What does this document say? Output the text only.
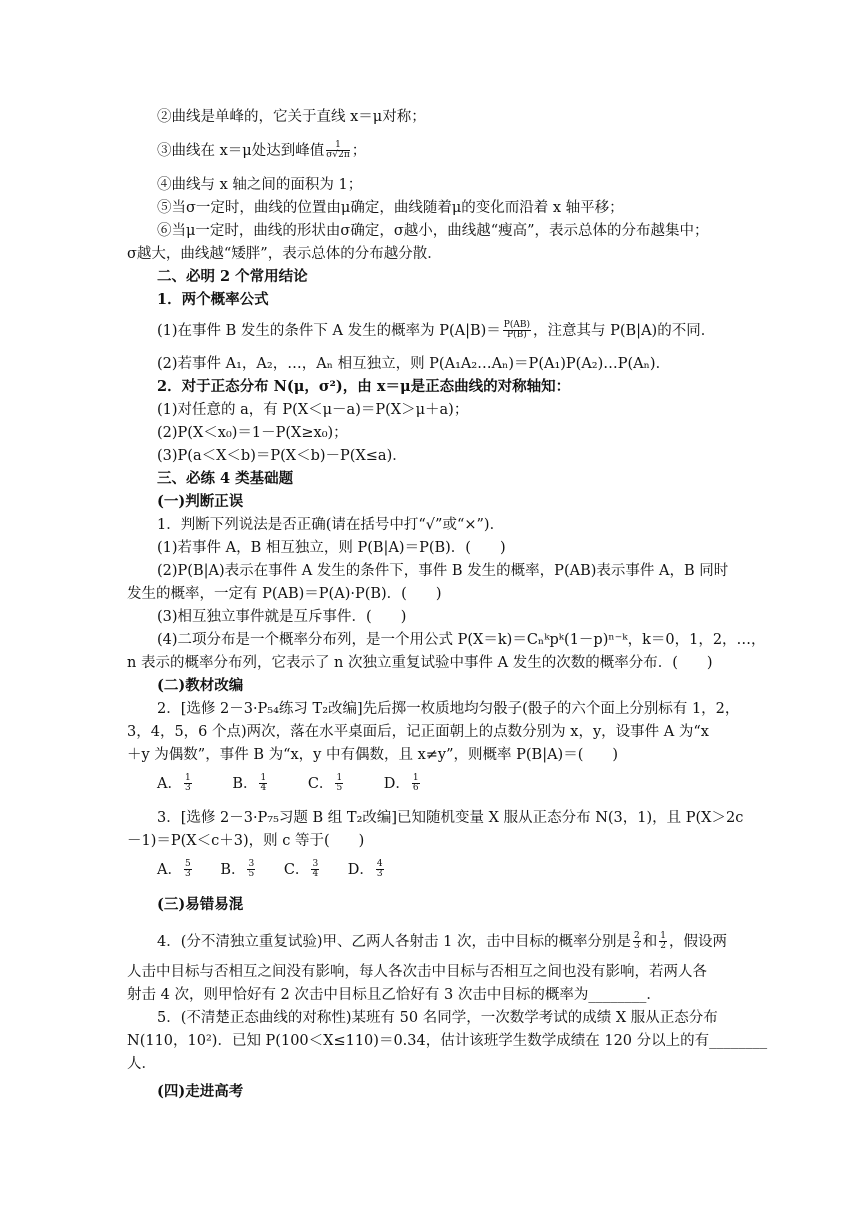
②曲线是单峰的，它关于直线 x＝μ对称；
③曲线在 x＝μ处达到峰值 $\frac{1}{\sigma√2\pi}$ ；
④曲线与 x 轴之间的面积为 1；
⑤当σ一定时，曲线的位置由μ确定，曲线随着μ的变化而沿着 x 轴平移；
⑥当μ一定时，曲线的形状由σ确定，σ越小，曲线越“瘦高”，表示总体的分布越集中；
σ越大，曲线越“矮胖”，表示总体的分布越分散．
二、必明 2 个常用结论
1．两个概率公式
(1)在事件 B 发生的条件下 A 发生的概率为 $P(A|B)= \frac{P(AB)}{P(B)}$ ，注意其与 P(B|A)的不同．
(2)若事件 A₁，A₂，…，Aₙ 相互独立，则 P(A₁A₂…Aₙ)＝P(A₁)P(A₂)…P(Aₙ)．
2．对于正态分布 N(μ，σ²)，由 x＝μ是正态曲线的对称轴知：
(1)对任意的 a，有 P(X＜μ－a)＝P(X＞μ＋a)；
(2)P(X＜x₀)＝1－P(X≥x₀)；
(3)P(a＜X＜b)＝P(X＜b)－P(X≤a)．
三、必练 4 类基础题
(一)判断正误
1．判断下列说法是否正确(请在括号中打“√”或“×”)．
(1)若事件 A，B 相互独立，则 P(B|A)＝P(B)．(　　)
(2)P(B|A)表示在事件 A 发生的条件下，事件 B 发生的概率，P(AB)表示事件 A，B 同时
发生的概率，一定有 P(AB)＝P(A)·P(B)．(　　)
(3)相互独立事件就是互斥事件．(　　)
(4)二项分布是一个概率分布列，是一个用公式 P(X＝k)＝Cₙᵏpᵏ(1－p)ⁿ⁻ᵏ，k＝0，1，2，…，
n 表示的概率分布列，它表示了 n 次独立重复试验中事件 A 发生的次数的概率分布．(　　)
(二)教材改编
2．[选修 2－3·P₅₄练习 T₂改编]先后掷一枚质地均匀骰子(骰子的六个面上分别标有 1，2，
3，4，5，6 个点)两次，落在水平桌面后，记正面朝上的点数分别为 x，y，设事件 A 为“x
＋y 为偶数”，事件 B 为“x，y 中有偶数，且 x≠y”，则概率 P(B|A)＝(　　)
A． $\frac{1}{3}$	B． $\frac{1}{4}$	C． $\frac{1}{5}$	D． $\frac{1}{6}$
3．[选修 2－3·P₇₅习题 B 组 T₂改编]已知随机变量 X 服从正态分布 N(3，1)，且 P(X＞2c
－1)＝P(X＜c＋3)，则 c 等于(　　)
A． $\frac{5}{3}$ B． $\frac{3}{5}$ C． $\frac{3}{4}$ D． $\frac{4}{3}$
(三)易错易混
4．(分不清独立重复试验)甲、乙两人各射击 1 次，击中目标的概率分别是 $\frac{2}{3}$ 和 $\frac{1}{2}$ ，假设两
人击中目标与否相互之间没有影响，每人各次击中目标与否相互之间也没有影响，若两人各
射击 4 次，则甲恰好有 2 次击中目标且乙恰好有 3 次击中目标的概率为________．
5．(不清楚正态曲线的对称性)某班有 50 名同学，一次数学考试的成绩 X 服从正态分布
N(110，10²)．已知 P(100＜X≤110)＝0.34，估计该班学生数学成绩在 120 分以上的有________
人．
(四)走进高考
